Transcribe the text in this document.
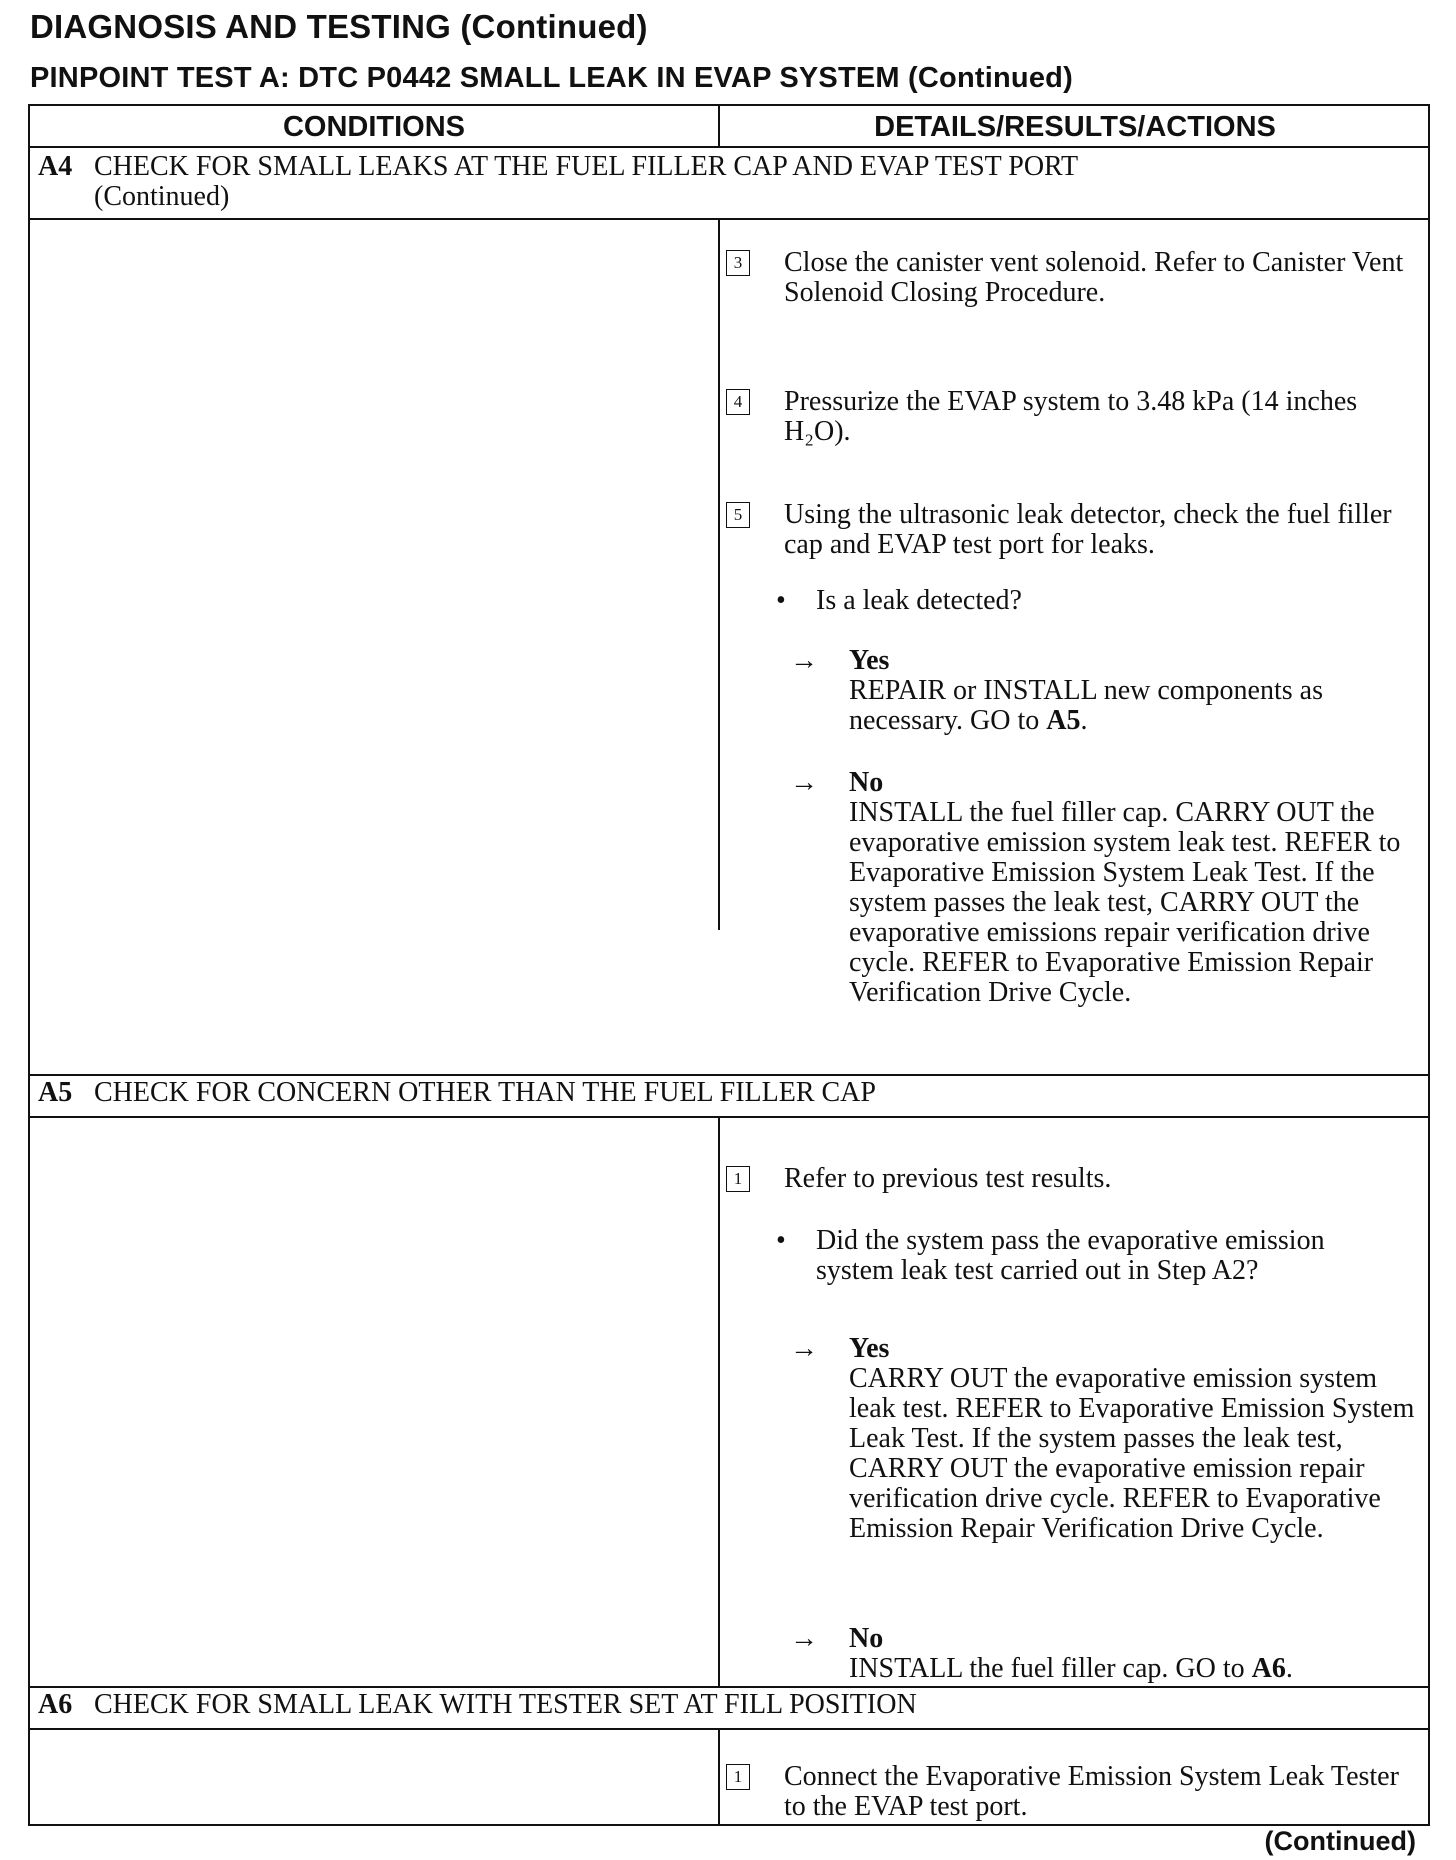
DIAGNOSIS AND TESTING (Continued)
PINPOINT TEST A: DTC P0442 SMALL LEAK IN EVAP SYSTEM (Continued)
CONDITIONS	DETAILS/RESULTS/ACTIONS
A4 CHECK FOR SMALL LEAKS AT THE FUEL FILLER CAP AND EVAP TEST PORT
(Continued)
3 Close the canister vent solenoid. Refer to Canister Vent Solenoid Closing Procedure.
4 Pressurize the EVAP system to 3.48 kPa (14 inches H₂O).
5 Using the ultrasonic leak detector, check the fuel filler cap and EVAP test port for leaks.
• Is a leak detected?
→ Yes
REPAIR or INSTALL new components as necessary. GO to A5.
→ No
INSTALL the fuel filler cap. CARRY OUT the evaporative emission system leak test. REFER to Evaporative Emission System Leak Test. If the system passes the leak test, CARRY OUT the evaporative emissions repair verification drive cycle. REFER to Evaporative Emission Repair Verification Drive Cycle.
A5 CHECK FOR CONCERN OTHER THAN THE FUEL FILLER CAP
1 Refer to previous test results.
• Did the system pass the evaporative emission system leak test carried out in Step A2?
→ Yes
CARRY OUT the evaporative emission system leak test. REFER to Evaporative Emission System Leak Test. If the system passes the leak test, CARRY OUT the evaporative emission repair verification drive cycle. REFER to Evaporative Emission Repair Verification Drive Cycle.
→ No
INSTALL the fuel filler cap. GO to A6.
A6 CHECK FOR SMALL LEAK WITH TESTER SET AT FILL POSITION
1 Connect the Evaporative Emission System Leak Tester to the EVAP test port.
(Continued)
